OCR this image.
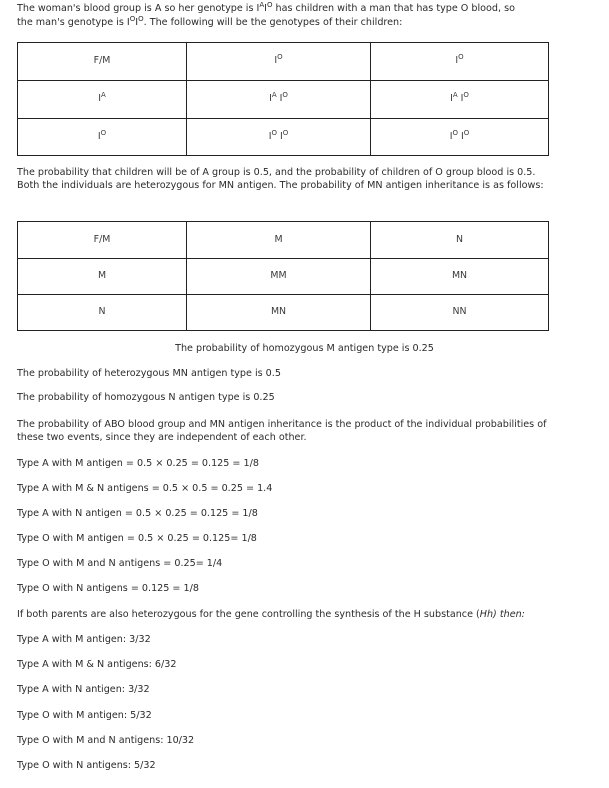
The woman's blood group is A so her genotype is $I^AI^O$ has children with a man that has type O blood, so
the man's genotype is $I^OI^O$. The following will be the genotypes of their children:
F/M	$I^O$	$I^O$
$I^A$	$I^A$ $I^O$	$I^A$ $I^O$
$I^O$	$I^O$ $I^O$	$I^O$ $I^O$
The probability that children will be of A group is 0.5, and the probability of children of O group blood is 0.5. Both the individuals are heterozygous for MN antigen. The probability of MN antigen inheritance is as follows:
F/M	M	N
M	MM	MN
N	MN	NN
The probability of homozygous M antigen type is 0.25
The probability of heterozygous MN antigen type is 0.5
The probability of homozygous N antigen type is 0.25
The probability of ABO blood group and MN antigen inheritance is the product of the individual probabilities of these two events, since they are independent of each other.
Type A with M antigen = 0.5 × 0.25 = 0.125 = 1/8
Type A with M & N antigens = 0.5 × 0.5 = 0.25 = 1.4
Type A with N antigen = 0.5 × 0.25 = 0.125 = 1/8
Type O with M antigen = 0.5 × 0.25 = 0.125= 1/8
Type O with M and N antigens = 0.25= 1/4
Type O with N antigens = 0.125 = 1/8
If both parents are also heterozygous for the gene controlling the synthesis of the H substance (Hh) then:
Type A with M antigen: 3/32
Type A with M & N antigens: 6/32
Type A with N antigen: 3/32
Type O with M antigen: 5/32
Type O with M and N antigens: 10/32
Type O with N antigens: 5/32
